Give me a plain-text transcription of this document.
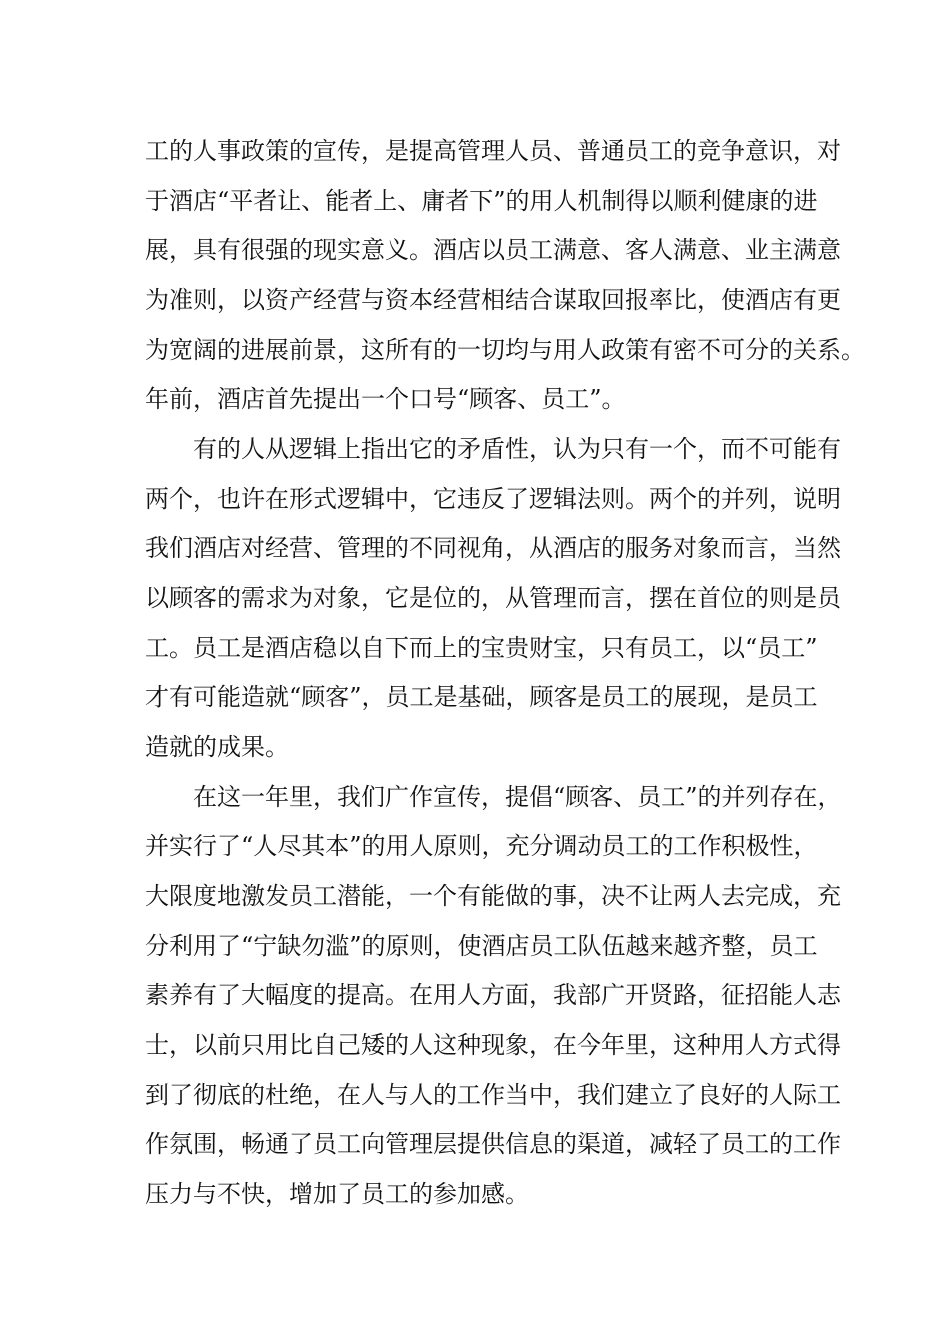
工的人事政策的宣传，是提高管理人员、普通员工的竞争意识，对
于酒店“平者让、能者上、庸者下”的用人机制得以顺利健康的进
展，具有很强的现实意义。酒店以员工满意、客人满意、业主满意
为准则，以资产经营与资本经营相结合谋取回报率比，使酒店有更
为宽阔的进展前景，这所有的一切均与用人政策有密不可分的关系。
年前，酒店首先提出一个口号“顾客、员工”。
有的人从逻辑上指出它的矛盾性，认为只有一个，而不可能有
两个，也许在形式逻辑中，它违反了逻辑法则。两个的并列，说明
我们酒店对经营、管理的不同视角，从酒店的服务对象而言，当然
以顾客的需求为对象，它是位的，从管理而言，摆在首位的则是员
工。员工是酒店稳以自下而上的宝贵财宝，只有员工，以“员工”
才有可能造就“顾客”，员工是基础，顾客是员工的展现，是员工
造就的成果。
在这一年里，我们广作宣传，提倡“顾客、员工”的并列存在，
并实行了“人尽其本”的用人原则，充分调动员工的工作积极性，
大限度地激发员工潜能，一个有能做的事，决不让两人去完成，充
分利用了“宁缺勿滥”的原则，使酒店员工队伍越来越齐整，员工
素养有了大幅度的提高。在用人方面，我部广开贤路，征招能人志
士，以前只用比自己矮的人这种现象，在今年里，这种用人方式得
到了彻底的杜绝，在人与人的工作当中，我们建立了良好的人际工
作氛围，畅通了员工向管理层提供信息的渠道，减轻了员工的工作
压力与不快，增加了员工的参加感。
